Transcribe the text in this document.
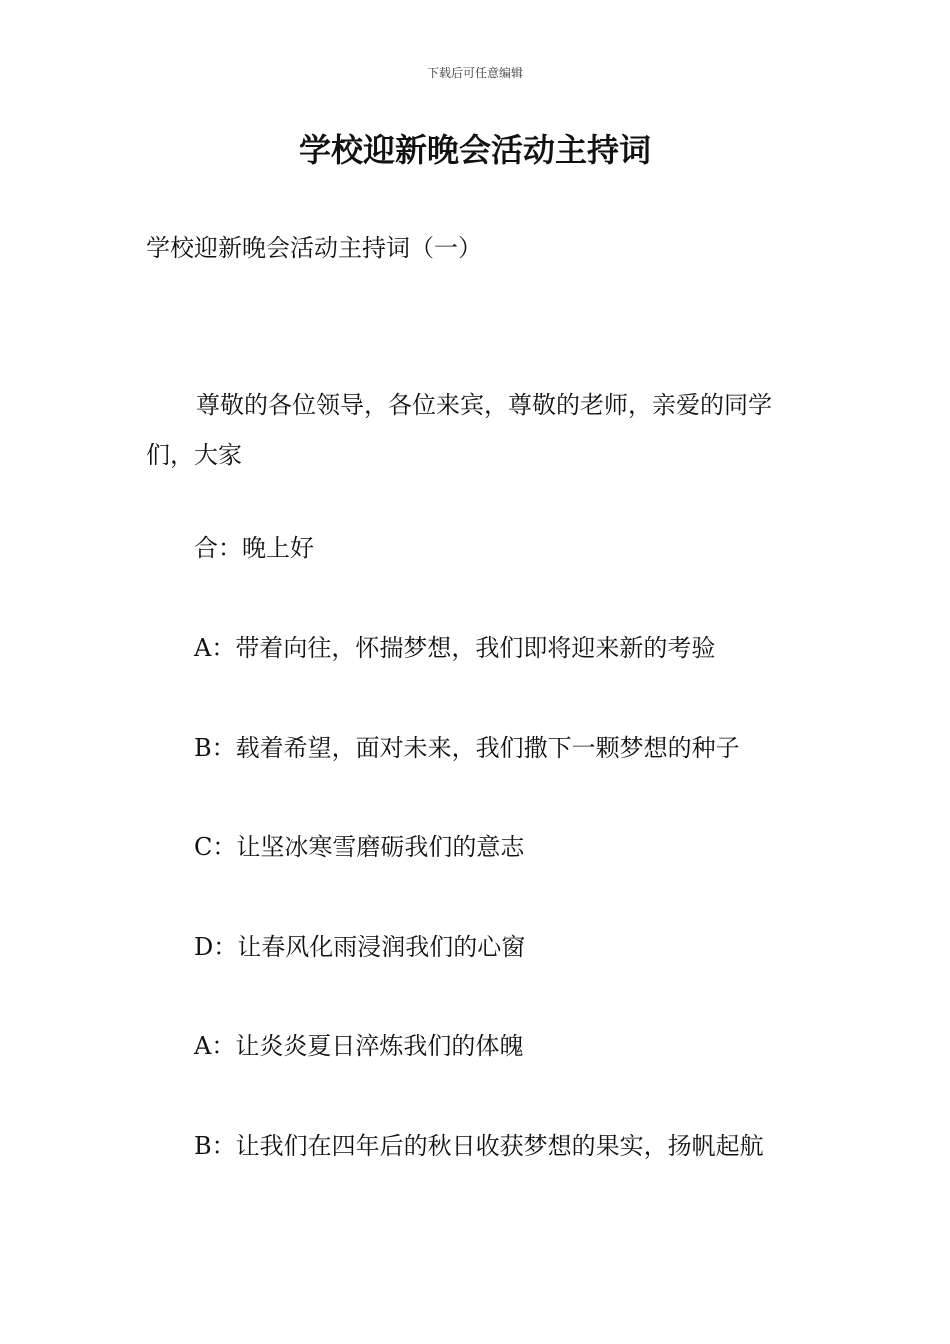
下载后可任意编辑
学校迎新晚会活动主持词

学校迎新晚会活动主持词（一）

尊敬的各位领导，各位来宾，尊敬的老师，亲爱的同学们，大家

合：晚上好

A：带着向往，怀揣梦想，我们即将迎来新的考验

B：载着希望，面对未来，我们撒下一颗梦想的种子

C：让坚冰寒雪磨砺我们的意志

D：让春风化雨浸润我们的心窗

A：让炎炎夏日淬炼我们的体魄

B：让我们在四年后的秋日收获梦想的果实，扬帆起航
